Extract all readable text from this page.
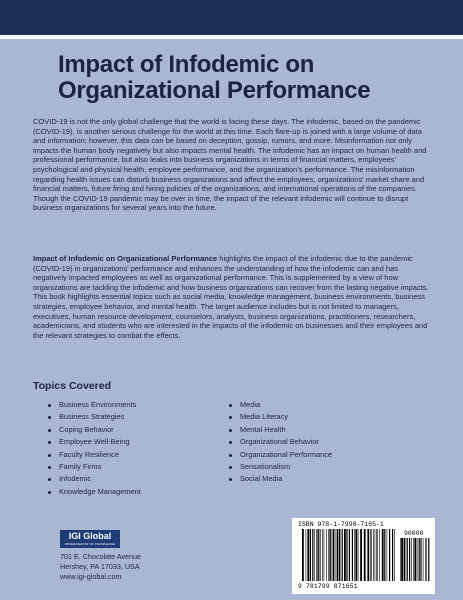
Impact of Infodemic on
Organizational Performance
COVID-19 is not the only global challenge that the world is facing these days. The infodemic, based on the pandemic (COVID-19), is another serious challenge for the world at this time. Each flare-up is joined with a large volume of data and information; however, this data can be based on deception, gossip, rumors, and more. Misinformation not only impacts the human body negatively but also impacts mental health. The infodemic has an impact on human health and professional performance, but also leaks into business organizations in terms of financial matters, employees' psychological and physical health, employee performance, and the organization's performance. The misinformation regarding health issues can disturb business organizations and affect the employees, organizations' market share and financial matters, future firing and hiring policies of the organizations, and international operations of the companies. Though the COVID-19 pandemic may be over in time, the impact of the relevant infodemic will continue to disrupt business organizations for several years into the future.
Impact of Infodemic on Organizational Performance highlights the impact of the infodemic due to the pandemic (COVID-19) in organizations' performance and enhances the understanding of how the infodemic can and has negatively impacted employees as well as organizational performance. This is supplemented by a view of how organizations are tackling the infodemic and how business organizations can recover from the lasting negative impacts. This book highlights essential topics such as social media, knowledge management, business environments, business strategies, employee behavior, and mental health. The target audience includes but is not limited to managers, executives, human resource development, counselors, analysts, business organizations, practitioners, researchers, academicians, and students who are interested in the impacts of the infodemic on businesses and their employees and the relevant strategies to combat the effects.
Topics Covered
Business Environments
Business Strategies
Coping Behavior
Employee Well-Being
Faculty Resilience
Family Firms
Infodemic
Knowledge Management
Media
Media Literacy
Mental Health
Organizational Behavior
Organizational Performance
Sensationalism
Social Media
IGI Global
DISSEMINATOR OF KNOWLEDGE
701 E. Chocolate Avenue
Hershey, PA 17033, USA
www.igi-global.com
ISBN 978-1-7998-7165-1
90000
9 781799 871651
